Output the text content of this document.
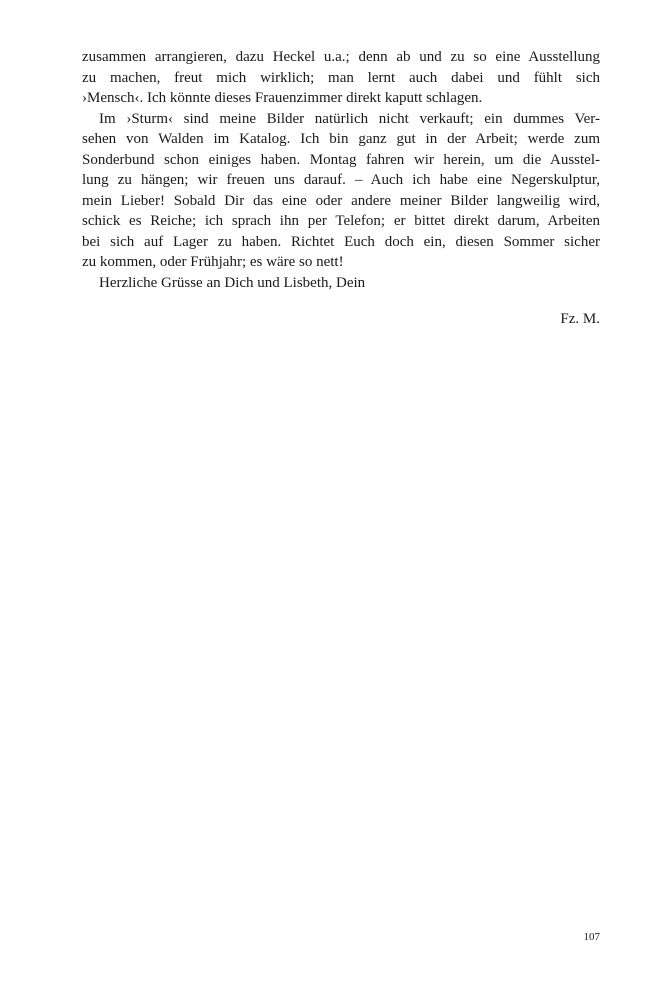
zusammen arrangieren, dazu Heckel u.a.; denn ab und zu so eine Ausstellung
zu machen, freut mich wirklich; man lernt auch dabei und fühlt sich
›Mensch‹. Ich könnte dieses Frauenzimmer direkt kaputt schlagen.
Im ›Sturm‹ sind meine Bilder natürlich nicht verkauft; ein dummes Ver-
sehen von Walden im Katalog. Ich bin ganz gut in der Arbeit; werde zum
Sonderbund schon einiges haben. Montag fahren wir herein, um die Ausstel-
lung zu hängen; wir freuen uns darauf. – Auch ich habe eine Negerskulptur,
mein Lieber! Sobald Dir das eine oder andere meiner Bilder langweilig wird,
schick es Reiche; ich sprach ihn per Telefon; er bittet direkt darum, Arbeiten
bei sich auf Lager zu haben. Richtet Euch doch ein, diesen Sommer sicher
zu kommen, oder Frühjahr; es wäre so nett!
Herzliche Grüsse an Dich und Lisbeth, Dein
Fz. M.
107
